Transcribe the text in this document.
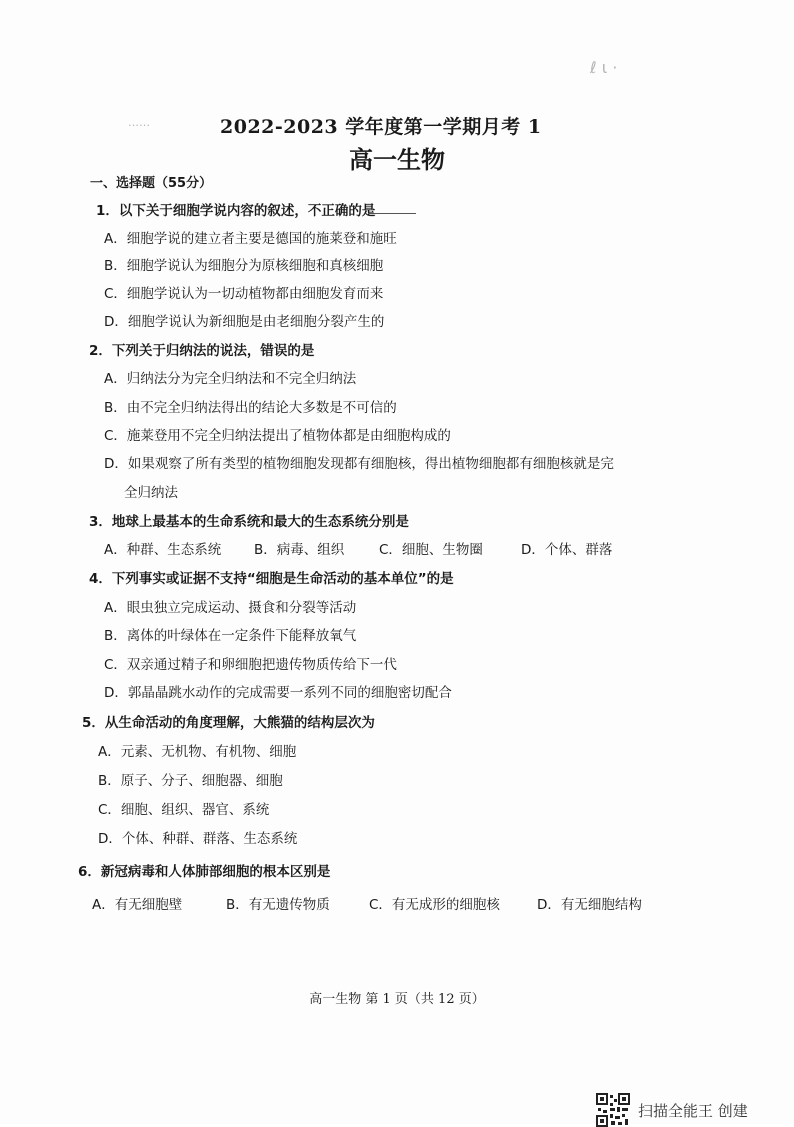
ℓ ι ·
……	2022-2023 学年度第一学期月考 1
高一生物
一、选择题（55分）
1．以下关于细胞学说内容的叙述，不正确的是
A．细胞学说的建立者主要是德国的施莱登和施旺
B．细胞学说认为细胞分为原核细胞和真核细胞
C．细胞学说认为一切动植物都由细胞发育而来
D．细胞学说认为新细胞是由老细胞分裂产生的
2．下列关于归纳法的说法，错误的是
A．归纳法分为完全归纳法和不完全归纳法
B．由不完全归纳法得出的结论大多数是不可信的
C．施莱登用不完全归纳法提出了植物体都是由细胞构成的
D．如果观察了所有类型的植物细胞发现都有细胞核，得出植物细胞都有细胞核就是完
全归纳法
3．地球上最基本的生命系统和最大的生态系统分别是
A．种群、生态系统 B．病毒、组织	C．细胞、生物圈	D．个体、群落
4．下列事实或证据不支持“细胞是生命活动的基本单位”的是
A．眼虫独立完成运动、摄食和分裂等活动
B．离体的叶绿体在一定条件下能释放氧气
C．双亲通过精子和卵细胞把遗传物质传给下一代
D．郭晶晶跳水动作的完成需要一系列不同的细胞密切配合
5．从生命活动的角度理解，大熊猫的结构层次为
A．元素、无机物、有机物、细胞
B．原子、分子、细胞器、细胞
C．细胞、组织、器官、系统
D．个体、种群、群落、生态系统
6．新冠病毒和人体肺部细胞的根本区别是
A．有无细胞壁	B．有无遗传物质	C．有无成形的细胞核	D．有无细胞结构
高一生物 第 1 页（共 12 页）
扫描全能王 创建
